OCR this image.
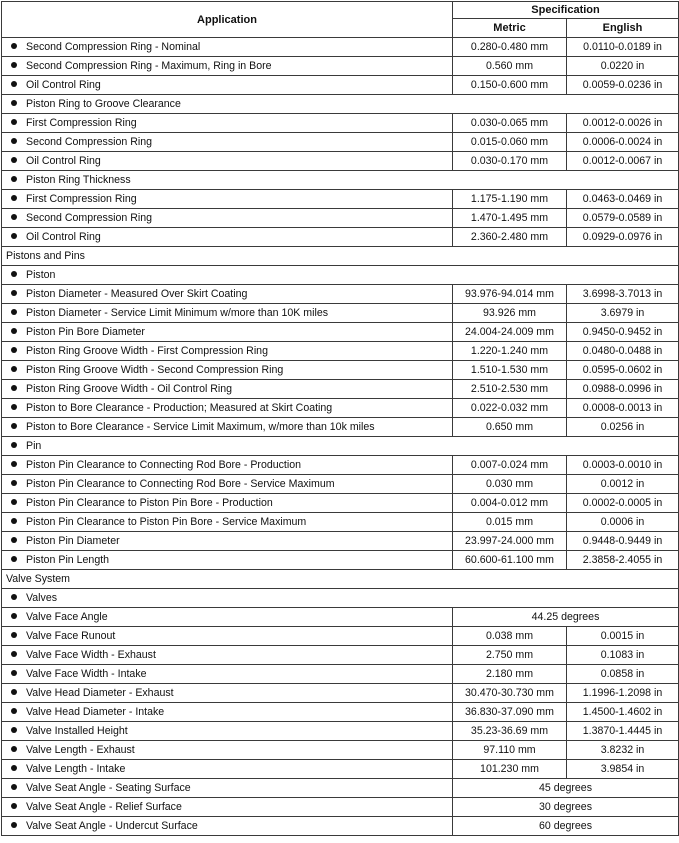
Application	Specification	
	Metric	English
Second Compression Ring - Nominal	0.280-0.480 mm	0.0110-0.0189 in
Second Compression Ring - Maximum, Ring in Bore	0.560 mm	0.0220 in
Oil Control Ring	0.150-0.600 mm	0.0059-0.0236 in
Piston Ring to Groove Clearance		
First Compression Ring	0.030-0.065 mm	0.0012-0.0026 in
Second Compression Ring	0.015-0.060 mm	0.0006-0.0024 in
Oil Control Ring	0.030-0.170 mm	0.0012-0.0067 in
Piston Ring Thickness		
First Compression Ring	1.175-1.190 mm	0.0463-0.0469 in
Second Compression Ring	1.470-1.495 mm	0.0579-0.0589 in
Oil Control Ring	2.360-2.480 mm	0.0929-0.0976 in
Pistons and Pins		
Piston		
Piston Diameter - Measured Over Skirt Coating	93.976-94.014 mm	3.6998-3.7013 in
Piston Diameter - Service Limit Minimum w/more than 10K miles	93.926 mm	3.6979 in
Piston Pin Bore Diameter	24.004-24.009 mm	0.9450-0.9452 in
Piston Ring Groove Width - First Compression Ring	1.220-1.240 mm	0.0480-0.0488 in
Piston Ring Groove Width - Second Compression Ring	1.510-1.530 mm	0.0595-0.0602 in
Piston Ring Groove Width - Oil Control Ring	2.510-2.530 mm	0.0988-0.0996 in
Piston to Bore Clearance - Production; Measured at Skirt Coating	0.022-0.032 mm	0.0008-0.0013 in
Piston to Bore Clearance - Service Limit Maximum, w/more than 10k miles	0.650 mm	0.0256 in
Pin		
Piston Pin Clearance to Connecting Rod Bore - Production	0.007-0.024 mm	0.0003-0.0010 in
Piston Pin Clearance to Connecting Rod Bore - Service Maximum	0.030 mm	0.0012 in
Piston Pin Clearance to Piston Pin Bore - Production	0.004-0.012 mm	0.0002-0.0005 in
Piston Pin Clearance to Piston Pin Bore - Service Maximum	0.015 mm	0.0006 in
Piston Pin Diameter	23.997-24.000 mm	0.9448-0.9449 in
Piston Pin Length	60.600-61.100 mm	2.3858-2.4055 in
Valve System		
Valves		
Valve Face Angle	44.25 degrees	
Valve Face Runout	0.038 mm	0.0015 in
Valve Face Width - Exhaust	2.750 mm	0.1083 in
Valve Face Width - Intake	2.180 mm	0.0858 in
Valve Head Diameter - Exhaust	30.470-30.730 mm	1.1996-1.2098 in
Valve Head Diameter - Intake	36.830-37.090 mm	1.4500-1.4602 in
Valve Installed Height	35.23-36.69 mm	1.3870-1.4445 in
Valve Length - Exhaust	97.110 mm	3.8232 in
Valve Length - Intake	101.230 mm	3.9854 in
Valve Seat Angle - Seating Surface	45 degrees	
Valve Seat Angle - Relief Surface	30 degrees	
Valve Seat Angle - Undercut Surface	60 degrees	
